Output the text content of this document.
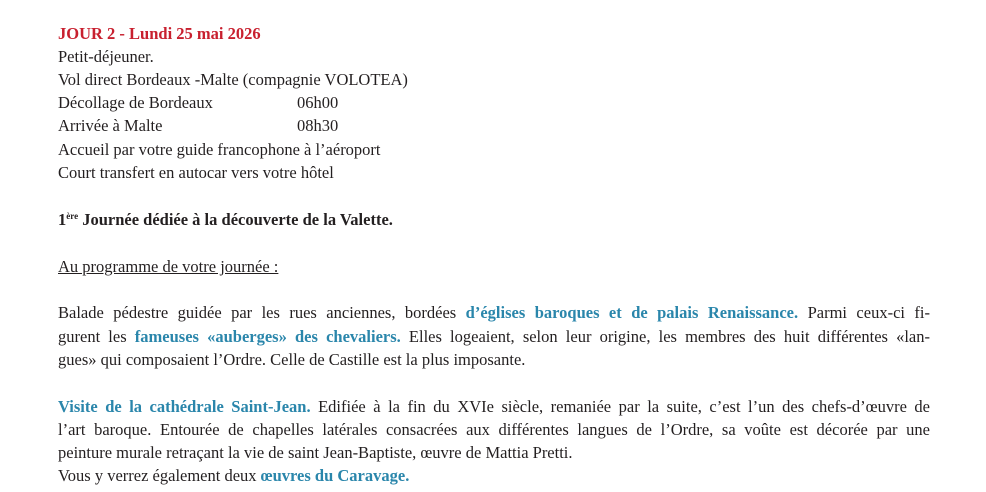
JOUR 2 - Lundi 25 mai 2026
Petit-déjeuner.
Vol direct Bordeaux -Malte (compagnie VOLOTEA)
Décollage de Bordeaux	06h00
Arrivée à Malte	08h30
Accueil par votre guide francophone à l’aéroport
Court transfert en autocar vers votre hôtel
1ère Journée dédiée à la découverte de la Valette.
Au programme de votre journée :
Balade pédestre guidée par les rues anciennes, bordées d’églises baroques et de palais Renaissance. Parmi ceux-ci fi-
gurent les fameuses «auberges» des chevaliers. Elles logeaient, selon leur origine, les membres des huit différentes «lan-
gues» qui composaient l’Ordre. Celle de Castille est la plus imposante.
Visite de la cathédrale Saint-Jean. Edifiée à la fin du XVIe siècle, remaniée par la suite, c’est l’un des chefs-d’œuvre de
l’art baroque. Entourée de chapelles latérales consacrées aux différentes langues de l’Ordre, sa voûte est décorée par une
peinture murale retraçant la vie de saint Jean-Baptiste, œuvre de Mattia Pretti.
Vous y verrez également deux œuvres du Caravage.
